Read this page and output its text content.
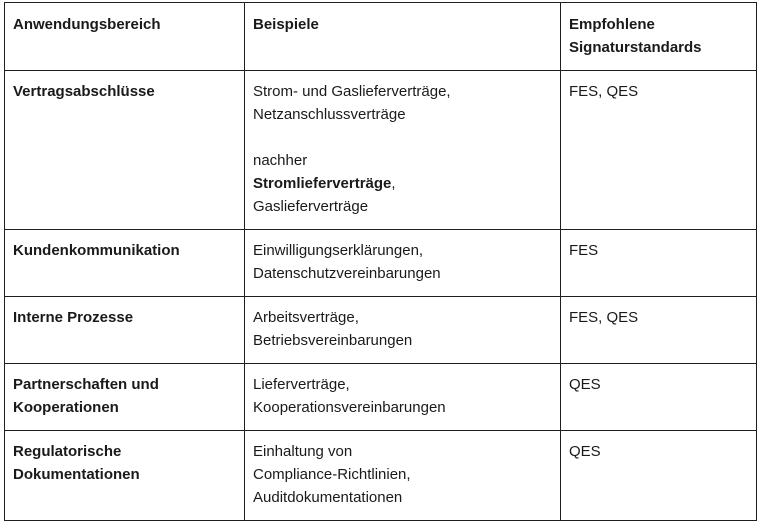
Anwendungsbereich	Beispiele	Empfohlene
Signaturstandards

Vertragsabschlüsse	Strom- und Gaslieferverträge,
Netzanschlussverträge
nachher
Stromlieferverträge,
Gaslieferverträge	FES, QES
Kundenkommunikation	Einwilligungserklärungen,
Datenschutzvereinbarungen	FES
Interne Prozesse	Arbeitsverträge,
Betriebsvereinbarungen	FES, QES

Partnerschaften und
Kooperationen	Lieferverträge,
Kooperationsvereinbarungen	QES

Regulatorische
Dokumentationen	Einhaltung von
Compliance-Richtlinien,
Auditdokumentationen	QES
